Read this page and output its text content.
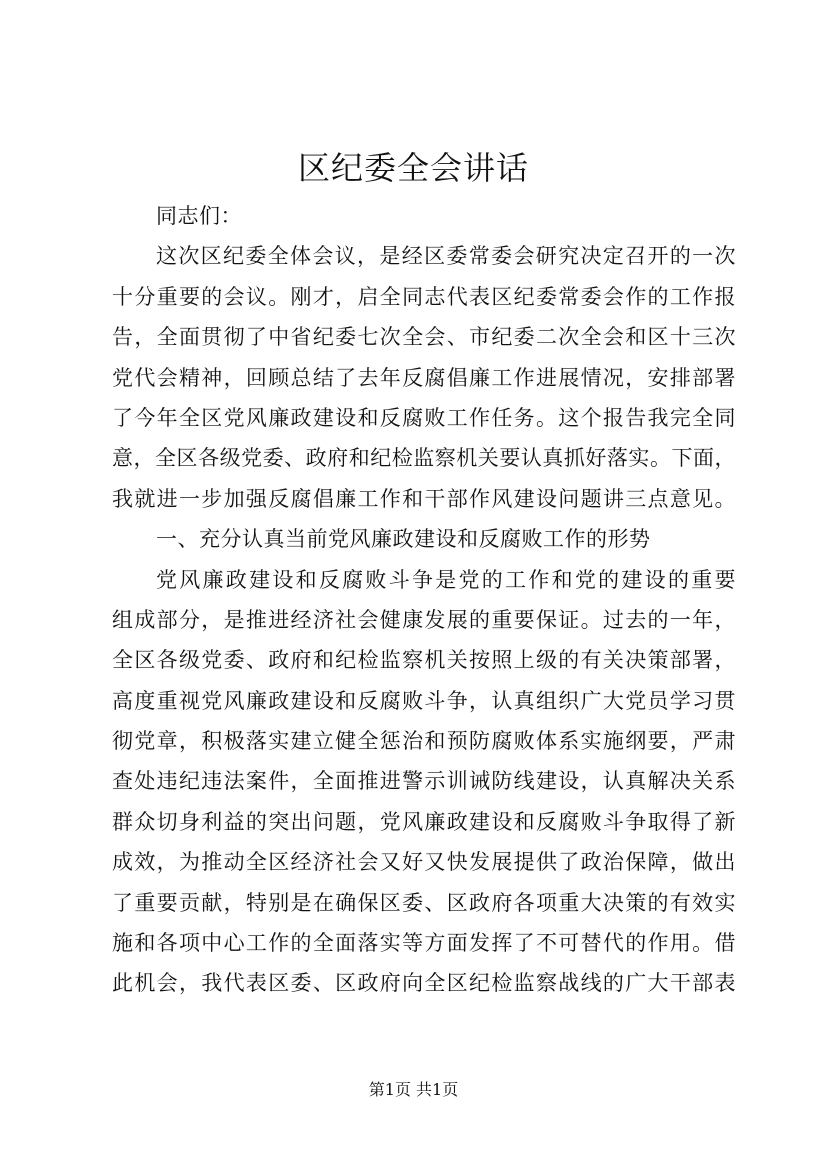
区纪委全会讲话
同志们：
这次区纪委全体会议，是经区委常委会研究决定召开的一次
十分重要的会议。刚才，启全同志代表区纪委常委会作的工作报
告，全面贯彻了中省纪委七次全会、市纪委二次全会和区十三次
党代会精神，回顾总结了去年反腐倡廉工作进展情况，安排部署
了今年全区党风廉政建设和反腐败工作任务。这个报告我完全同
意，全区各级党委、政府和纪检监察机关要认真抓好落实。下面，
我就进一步加强反腐倡廉工作和干部作风建设问题讲三点意见。
一、充分认真当前党风廉政建设和反腐败工作的形势
党风廉政建设和反腐败斗争是党的工作和党的建设的重要
组成部分，是推进经济社会健康发展的重要保证。过去的一年，
全区各级党委、政府和纪检监察机关按照上级的有关决策部署，
高度重视党风廉政建设和反腐败斗争，认真组织广大党员学习贯
彻党章，积极落实建立健全惩治和预防腐败体系实施纲要，严肃
查处违纪违法案件，全面推进警示训诫防线建设，认真解决关系
群众切身利益的突出问题，党风廉政建设和反腐败斗争取得了新
成效，为推动全区经济社会又好又快发展提供了政治保障，做出
了重要贡献，特别是在确保区委、区政府各项重大决策的有效实
施和各项中心工作的全面落实等方面发挥了不可替代的作用。借
此机会，我代表区委、区政府向全区纪检监察战线的广大干部表
第1页 共1页
